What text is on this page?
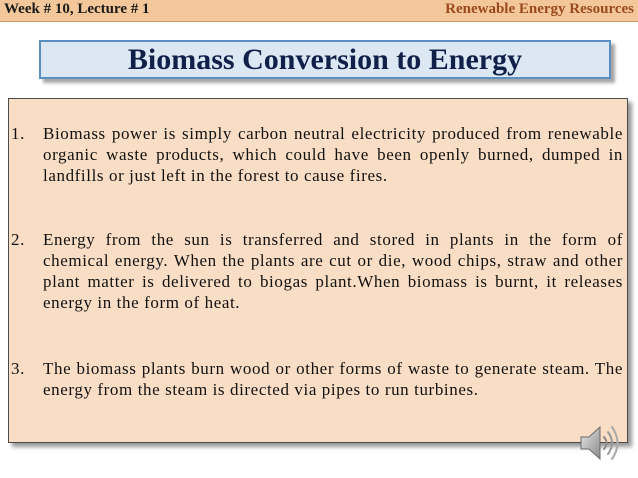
Week # 10, Lecture # 1	Renewable Energy Resources
Biomass Conversion to Energy
1. Biomass power is simply carbon neutral electricity produced from renewable organic waste products, which could have been openly burned, dumped in landfills or just left in the forest to cause fires.
2. Energy from the sun is transferred and stored in plants in the form of chemical energy. When the plants are cut or die, wood chips, straw and other plant matter is delivered to biogas plant.When biomass is burnt, it releases energy in the form of heat.
3. The biomass plants burn wood or other forms of waste to generate steam. The energy from the steam is directed via pipes to run turbines.
